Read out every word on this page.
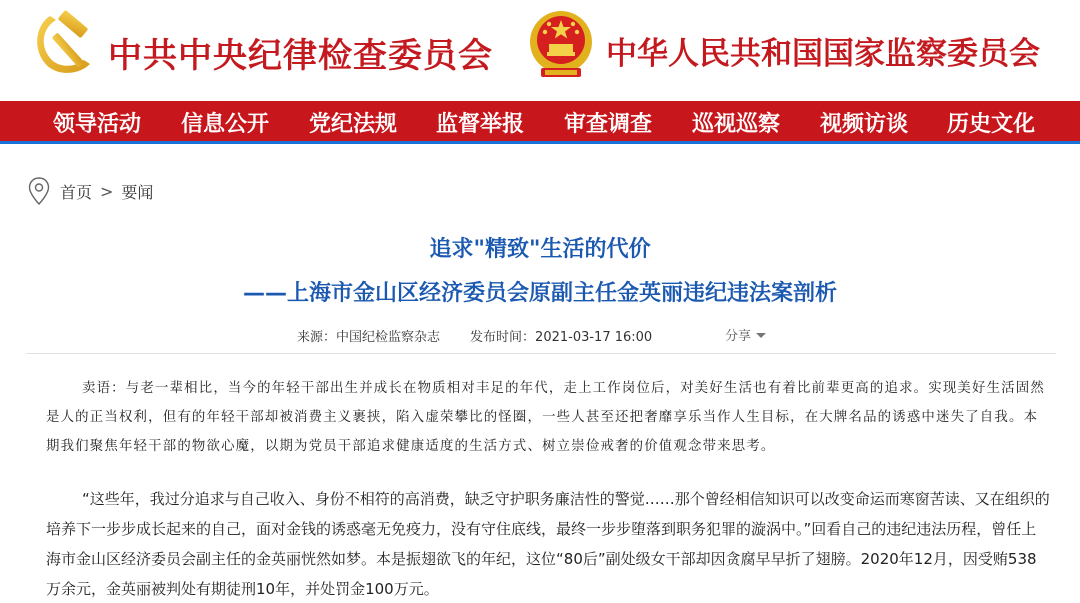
中共中央纪律检查委员会	中华人民共和国国家监察委员会
领导活动 信息公开 党纪法规 监督举报 审查调查 巡视巡察 视频访谈 历史文化
首页 > 要闻
追求"精致"生活的代价
——上海市金山区经济委员会原副主任金英丽违纪违法案剖析
来源：中国纪检监察杂志 发布时间：2021-03-17 16:00	分享

卖语：与老一辈相比，当今的年轻干部出生并成长在物质相对丰足的年代，走上工作岗位后，对美好生活也有着比前辈更高的追求。实现美好生活固然是人的正当权利，但有的年轻干部却被消费主义裹挟，陷入虚荣攀比的怪圈，一些人甚至还把奢靡享乐当作人生目标，在大牌名品的诱惑中迷失了自我。本期我们聚焦年轻干部的物欲心魔，以期为党员干部追求健康适度的生活方式、树立崇俭戒奢的价值观念带来思考。

“这些年，我过分追求与自己收入、身份不相符的高消费，缺乏守护职务廉洁性的警觉……那个曾经相信知识可以改变命运而寒窗苦读、又在组织的培养下一步步成长起来的自己，面对金钱的诱惑毫无免疫力，没有守住底线，最终一步步堕落到职务犯罪的漩涡中。”回看自己的违纪违法历程，曾任上海市金山区经济委员会副主任的金英丽恍然如梦。本是振翅欲飞的年纪，这位“80后”副处级女干部却因贪腐早早折了翅膀。2020年12月，因受贿538万余元，金英丽被判处有期徒刑10年，并处罚金100万元。
